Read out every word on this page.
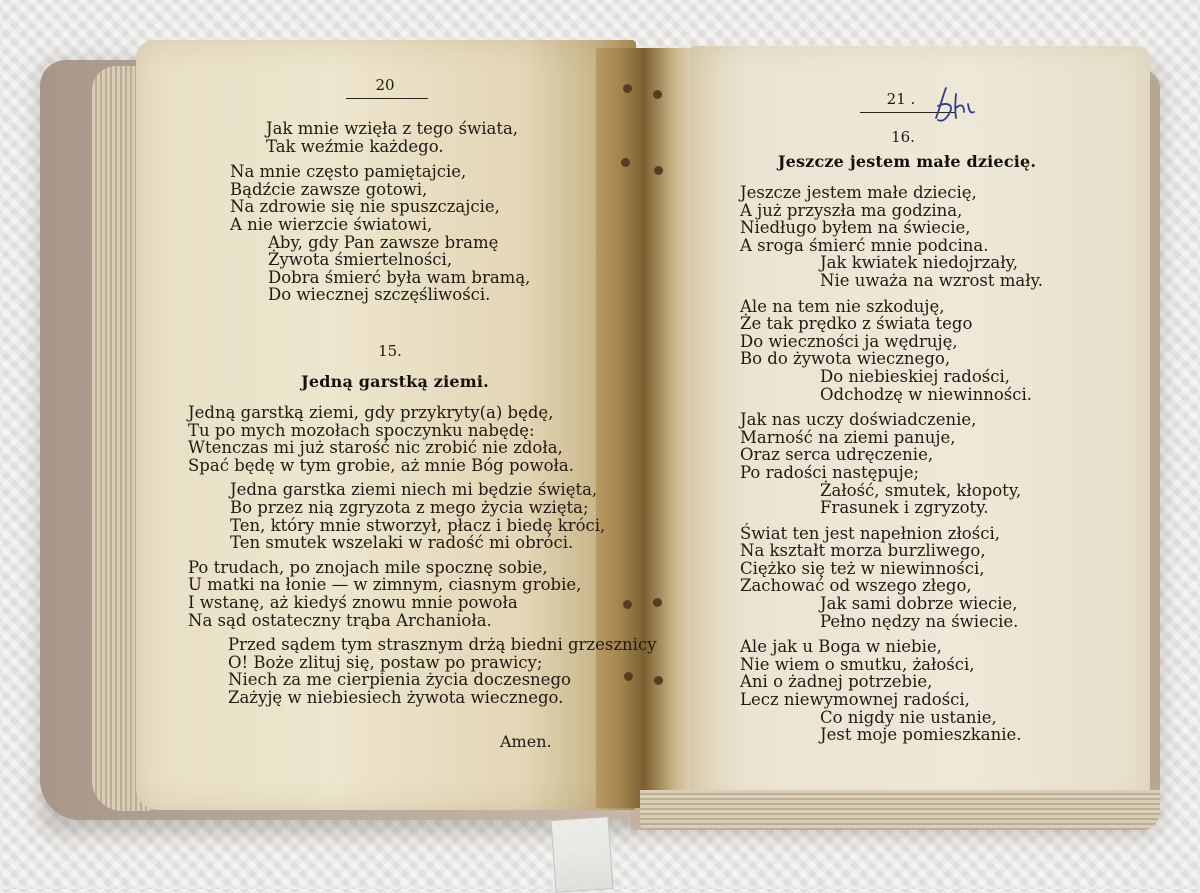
20
Jak mnie wzięła z tego świata,
Tak weźmie każdego.
Na mnie często pamiętajcie,
Bądźcie zawsze gotowi,
Na zdrowie się nie spuszczajcie,
A nie wierzcie światowi,
Aby, gdy Pan zawsze bramę
Żywota śmiertelności,
Dobra śmierć była wam bramą,
Do wiecznej szczęśliwości.
15.
Jedną garstką ziemi.
Jedną garstką ziemi, gdy przykryty(a) będę,
Tu po mych mozołach spoczynku nabędę:
Wtenczas mi już starość nic zrobić nie zdoła,
Spać będę w tym grobie, aż mnie Bóg powoła.
Jedna garstka ziemi niech mi będzie święta,
Bo przez nią zgryzota z mego życia wzięta;
Ten, który mnie stworzył, płacz i biedę króci,
Ten smutek wszelaki w radość mi obróci.
Po trudach, po znojach mile spocznę sobie,
U matki na łonie — w zimnym, ciasnym grobie,
I wstanę, aż kiedyś znowu mnie powoła
Na sąd ostateczny trąba Archanioła.
Przed sądem tym strasznym drżą biedni grzesznicy
O! Boże zlituj się, postaw po prawicy;
Niech za me cierpienia życia doczesnego
Zażyję w niebiesiech żywota wiecznego.
Amen.
21 .
16.
Jeszcze jestem małe dziecię.
Jeszcze jestem małe dziecię,
A już przyszła ma godzina,
Niedługo byłem na świecie,
A sroga śmierć mnie podcina.
Jak kwiatek niedojrzały,
Nie uważa na wzrost mały.
Ale na tem nie szkoduję,
Że tak prędko z świata tego
Do wieczności ja wędruję,
Bo do żywota wiecznego,
Do niebieskiej radości,
Odchodzę w niewinności.
Jak nas uczy doświadczenie,
Marność na ziemi panuje,
Oraz serca udręczenie,
Po radości następuje;
Żałość, smutek, kłopoty,
Frasunek i zgryzoty.
Świat ten jest napełnion złości,
Na kształt morza burzliwego,
Ciężko się też w niewinności,
Zachować od wszego złego,
Jak sami dobrze wiecie,
Pełno nędzy na świecie.
Ale jak u Boga w niebie,
Nie wiem o smutku, żałości,
Ani o żadnej potrzebie,
Lecz niewymownej radości,
Co nigdy nie ustanie,
Jest moje pomieszkanie.
